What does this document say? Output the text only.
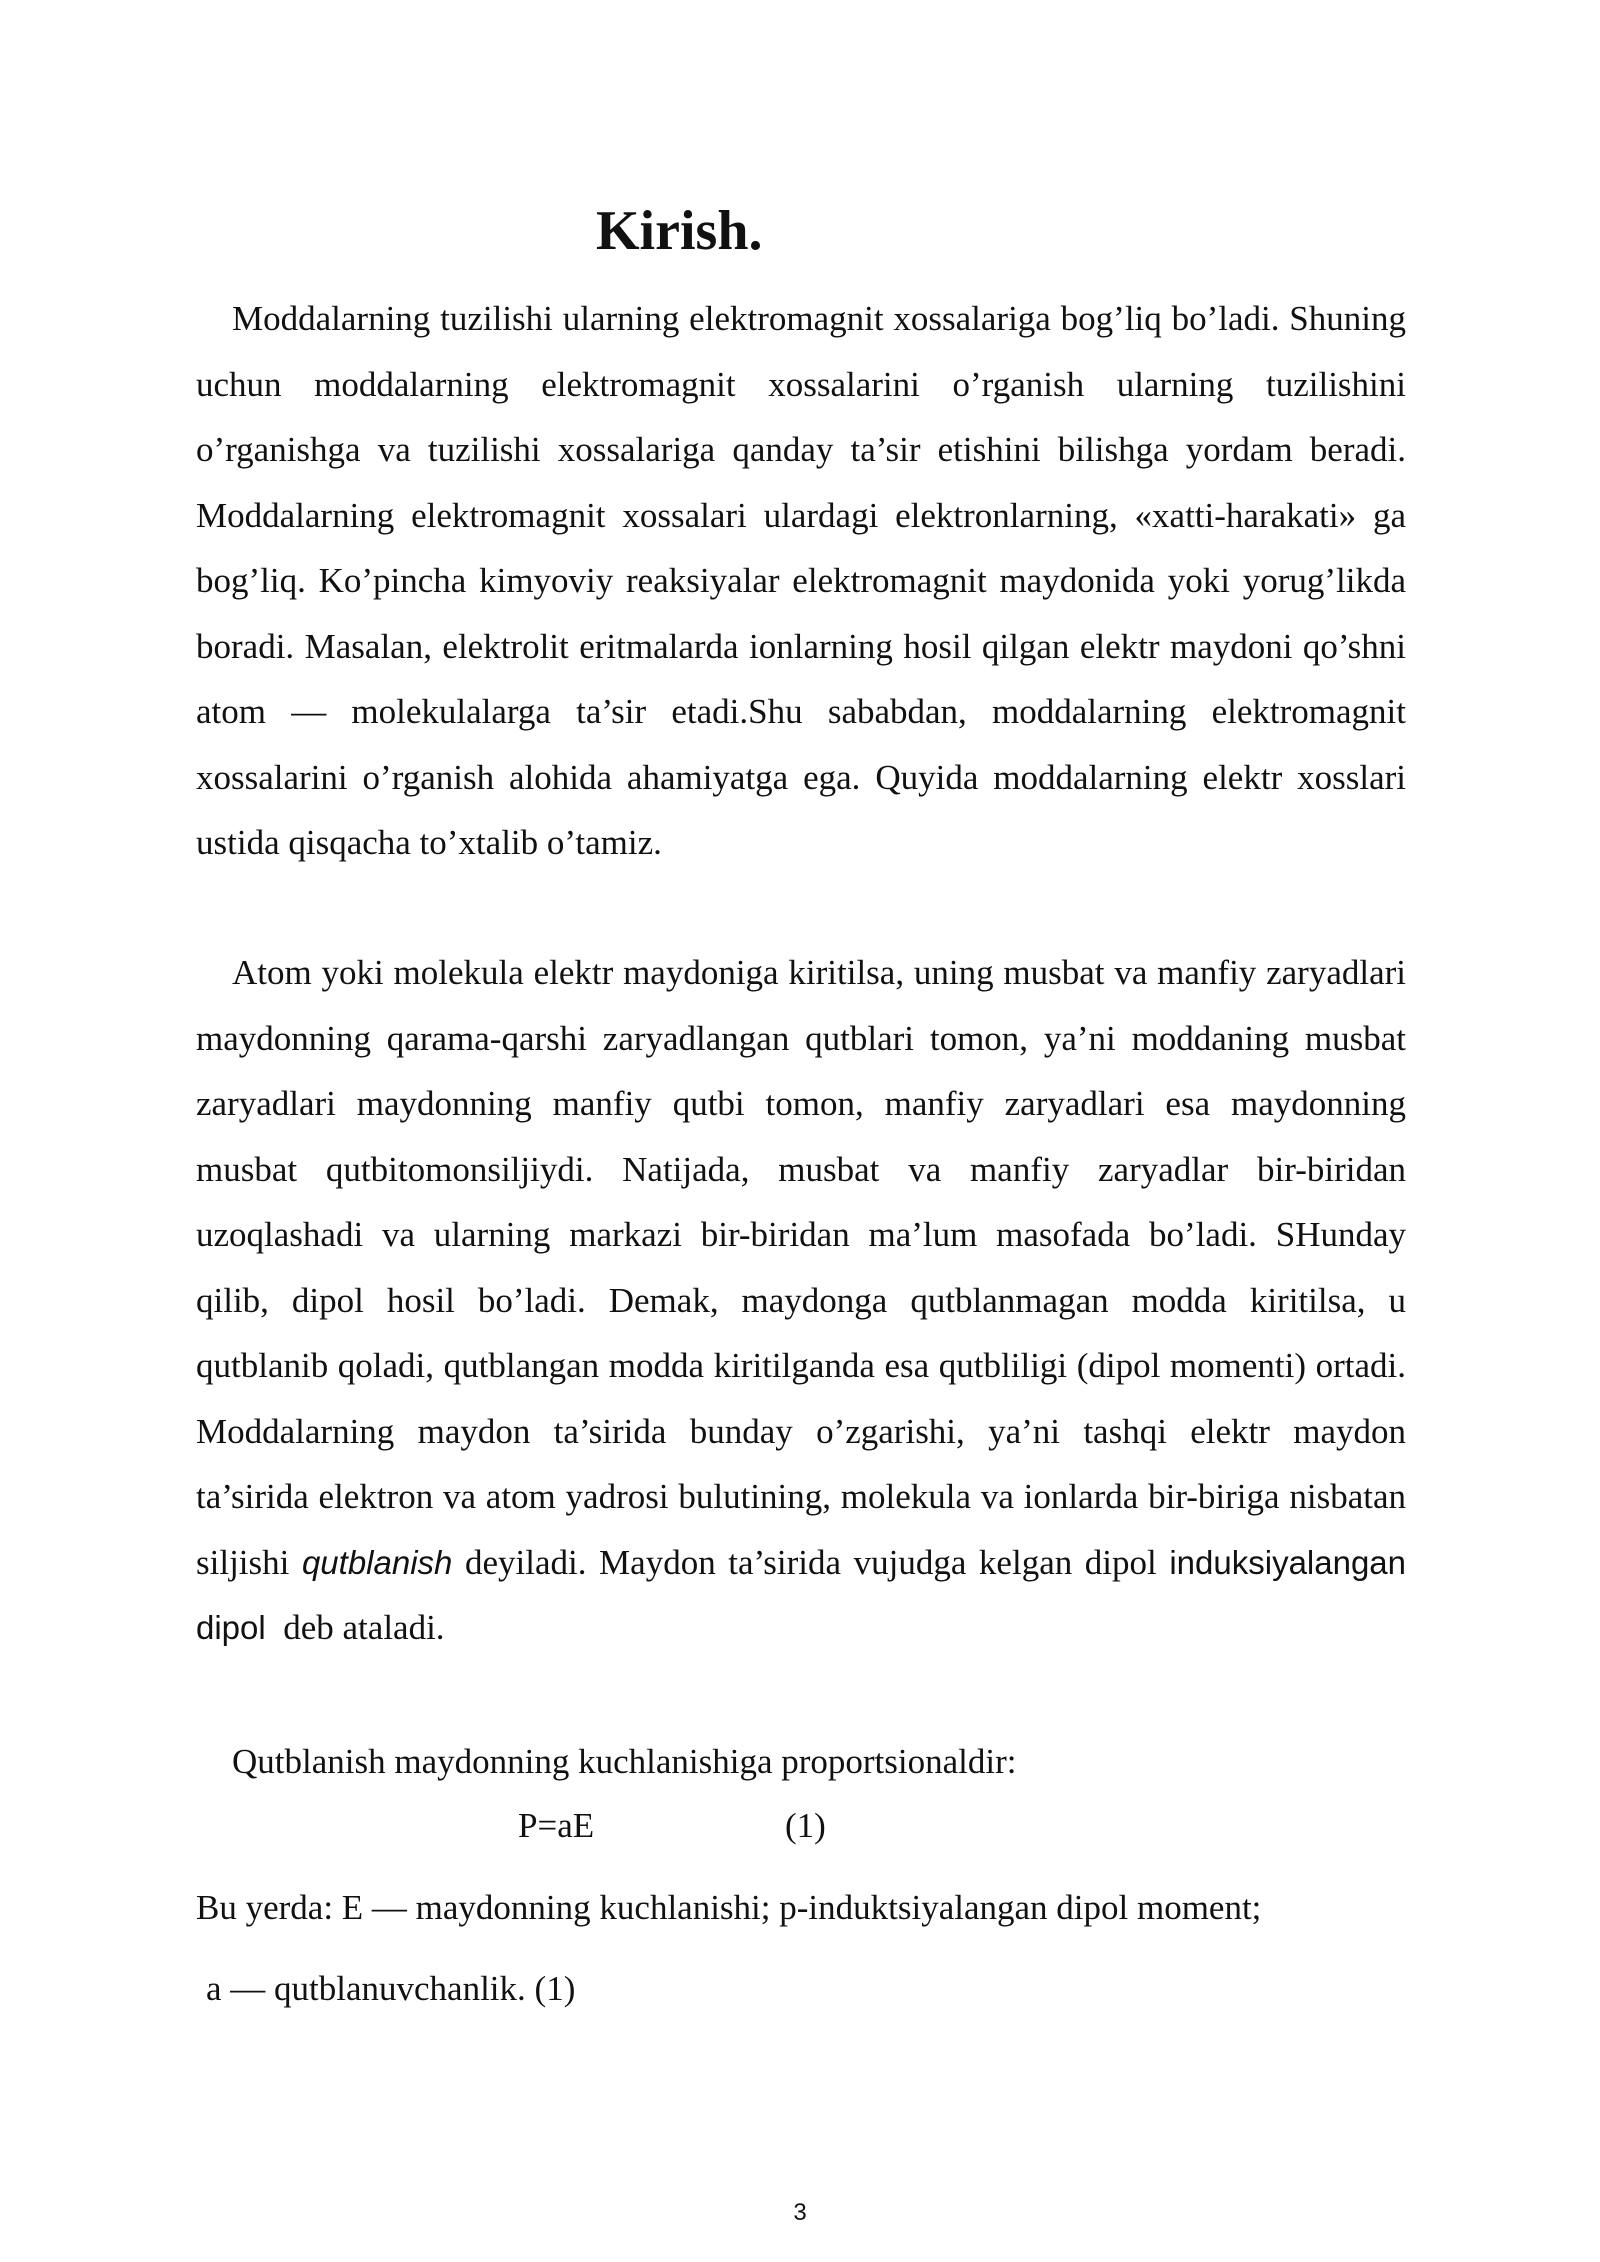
Kirish.

Moddalarning tuzilishi ularning elektromagnit xossalariga bog’liq bo’ladi. Shuning uchun moddalarning elektromagnit xossalarini o’rganish ularning tuzilishini o’rganishga va tuzilishi xossalariga qanday ta’sir etishini bilishga yordam beradi. Moddalarning elektromagnit xossalari ulardagi elektronlarning, «xatti-harakati» ga bog’liq. Ko’pincha kimyoviy reaksiyalar elektromagnit maydonida yoki yorug’likda boradi. Masalan, elektrolit eritmalarda ionlarning hosil qilgan elektr maydoni qo’shni atom — molekulalarga ta’sir etadi.Shu sababdan, moddalarning elektromagnit xossalarini o’rganish alohida ahamiyatga ega. Quyida moddalarning elektr xosslari ustida qisqacha to’xtalib o’tamiz.

Atom yoki molekula elektr maydoniga kiritilsa, uning musbat va manfiy zaryadlari maydonning qarama-qarshi zaryadlangan qutblari tomon, ya’ni moddaning musbat zaryadlari maydonning manfiy qutbi tomon, manfiy zaryadlari esa maydonning musbat qutbitomonsiljiydi. Natijada, musbat va manfiy zaryadlar bir-biridan uzoqlashadi va ularning markazi bir-biridan ma’lum masofada bo’ladi. SHunday qilib, dipol hosil bo’ladi. Demak, maydonga qutblanmagan modda kiritilsa, u qutblanib qoladi, qutblangan modda kiritilganda esa qutbliligi (dipol momenti) ortadi. Moddalarning maydon ta’sirida bunday o’zgarishi, ya’ni tashqi elektr maydon ta’sirida elektron va atom yadrosi bulutining, molekula va ionlarda bir-biriga nisbatan siljishi qutblanish deyiladi. Maydon ta’sirida vujudga kelgan dipol induksiyalangan dipol deb ataladi.

Qutblanish maydonning kuchlanishiga proportsionaldir:

P=aE	(1)

Bu yerda: E — maydonning kuchlanishi; p-induktsiyalangan dipol moment;

a — qutblanuvchanlik. (1)

3
